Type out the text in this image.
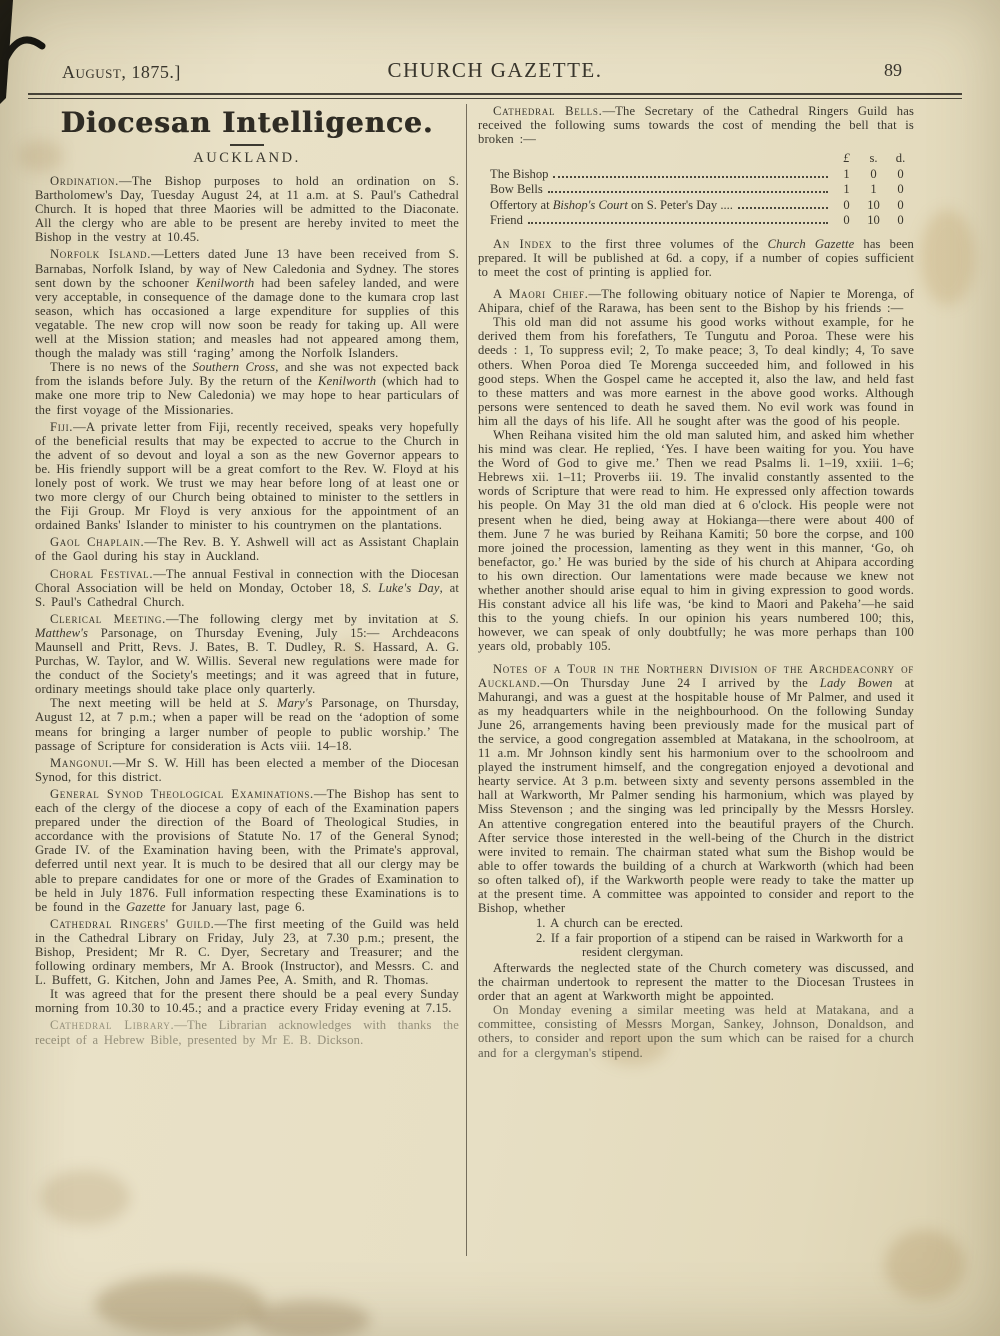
August, 1875.]	CHURCH GAZETTE.	89
Diocesan Intelligence.
AUCKLAND.

Ordination.—The Bishop purposes to hold an ordination on S. Bartholomew's Day, Tuesday August 24, at 11 a.m. at S. Paul's Cathedral Church. It is hoped that three Maories will be admitted to the Diaconate. All the clergy who are able to be present are hereby invited to meet the Bishop in the vestry at 10.45.

Norfolk Island.—Letters dated June 13 have been received from S. Barnabas, Norfolk Island, by way of New Caledonia and Sydney. The stores sent down by the schooner Kenilworth had been safeley landed, and were very acceptable, in consequence of the damage done to the kumara crop last season, which has occasioned a large expenditure for supplies of this vegatable. The new crop will now soon be ready for taking up. All were well at the Mission station; and measles had not appeared among them, though the malady was still ‘raging’ among the Norfolk Islanders.

There is no news of the Southern Cross, and she was not expected back from the islands before July. By the return of the Kenilworth (which had to make one more trip to New Caledonia) we may hope to hear particulars of the first voyage of the Missionaries.

Fiji.—A private letter from Fiji, recently received, speaks very hopefully of the beneficial results that may be expected to accrue to the Church in the advent of so devout and loyal a son as the new Governor appears to be. His friendly support will be a great comfort to the Rev. W. Floyd at his lonely post of work. We trust we may hear before long of at least one or two more clergy of our Church being obtained to minister to the settlers in the Fiji Group. Mr Floyd is very anxious for the appointment of an ordained Banks' Islander to minister to his countrymen on the plantations.

Gaol Chaplain.—The Rev. B. Y. Ashwell will act as Assistant Chaplain of the Gaol during his stay in Auckland.

Choral Festival.—The annual Festival in connection with the Diocesan Choral Association will be held on Monday, October 18, S. Luke's Day, at S. Paul's Cathedral Church.

Clerical Meeting.—The following clergy met by invitation at S. Matthew's Parsonage, on Thursday Evening, July 15:— Archdeacons Maunsell and Pritt, Revs. J. Bates, B. T. Dudley, R. S. Hassard, A. G. Purchas, W. Taylor, and W. Willis. Several new regulations were made for the conduct of the Society's meetings; and it was agreed that in future, ordinary meetings should take place only quarterly.

The next meeting will be held at S. Mary's Parsonage, on Thursday, August 12, at 7 p.m.; when a paper will be read on the ‘adoption of some means for bringing a larger number of people to public worship.’ The passage of Scripture for consideration is Acts viii. 14–18.

Mangonui.—Mr S. W. Hill has been elected a member of the Diocesan Synod, for this district.

General Synod Theological Examinations.—The Bishop has sent to each of the clergy of the diocese a copy of each of the Examination papers prepared under the direction of the Board of Theological Studies, in accordance with the provisions of Statute No. 17 of the General Synod; Grade IV. of the Examination having been, with the Primate's approval, deferred until next year. It is much to be desired that all our clergy may be able to prepare candidates for one or more of the Grades of Examination to be held in July 1876. Full information respecting these Examinations is to be found in the Gazette for January last, page 6.

Cathedral Ringers' Guild.—The first meeting of the Guild was held in the Cathedral Library on Friday, July 23, at 7.30 p.m.; present, the Bishop, President; Mr R. C. Dyer, Secretary and Treasurer; and the following ordinary members, Mr A. Brook (Instructor), and Messrs. C. and L. Buffett, G. Kitchen, John and James Pee, A. Smith, and R. Thomas.

It was agreed that for the present there should be a peal every Sunday morning from 10.30 to 10.45.; and a practice every Friday evening at 7.15.

Cathedral Library.—The Librarian acknowledges with thanks the receipt of a Hebrew Bible, presented by Mr E. B. Dickson.

Cathedral Bells.—The Secretary of the Cathedral Ringers Guild has received the following sums towards the cost of mending the bell that is broken :—

£	s.	d.
The Bishop	1	0	0
Bow Bells	1	1	0
Offertory at Bishop's Court on S. Peter's Day ....	0	10	0
Friend	0	10	0

An Index to the first three volumes of the Church Gazette has been prepared. It will be published at 6d. a copy, if a number of copies sufficient to meet the cost of printing is applied for.

A Maori Chief.—The following obituary notice of Napier te Morenga, of Ahipara, chief of the Rarawa, has been sent to the Bishop by his friends :—

This old man did not assume his good works without example, for he derived them from his forefathers, Te Tungutu and Poroa. These were his deeds : 1, To suppress evil; 2, To make peace; 3, To deal kindly; 4, To save others. When Poroa died Te Morenga succeeded him, and followed in his good steps. When the Gospel came he accepted it, also the law, and held fast to these matters and was more earnest in the above good works. Although persons were sentenced to death he saved them. No evil work was found in him all the days of his life. All he sought after was the good of his people.

When Reihana visited him the old man saluted him, and asked him whether his mind was clear. He replied, ‘Yes. I have been waiting for you. You have the Word of God to give me.’ Then we read Psalms li. 1–19, xxiii. 1–6; Hebrews xii. 1–11; Proverbs iii. 19. The invalid constantly assented to the words of Scripture that were read to him. He expressed only affection towards his people. On May 31 the old man died at 6 o'clock. His people were not present when he died, being away at Hokianga—there were about 400 of them. June 7 he was buried by Reihana Kamiti; 50 bore the corpse, and 100 more joined the procession, lamenting as they went in this manner, ‘Go, oh benefactor, go.’ He was buried by the side of his church at Ahipara according to his own direction. Our lamentations were made because we knew not whether another should arise equal to him in giving expression to good words. His constant advice all his life was, ‘be kind to Maori and Pakeha’—he said this to the young chiefs. In our opinion his years numbered 100; this, however, we can speak of only doubtfully; he was more perhaps than 100 years old, probably 105.

Notes of a Tour in the Northern Division of the Archdeaconry of Auckland.—On Thursday June 24 I arrived by the Lady Bowen at Mahurangi, and was a guest at the hospitable house of Mr Palmer, and used it as my headquarters while in the neighbourhood. On the following Sunday June 26, arrangements having been previously made for the musical part of the service, a good congregation assembled at Matakana, in the schoolroom, at 11 a.m. Mr Johnson kindly sent his harmonium over to the schoolroom and played the instrument himself, and the congregation enjoyed a devotional and hearty service. At 3 p.m. between sixty and seventy persons assembled in the hall at Warkworth, Mr Palmer sending his harmonium, which was played by Miss Stevenson ; and the singing was led principally by the Messrs Horsley. An attentive congregation entered into the beautiful prayers of the Church. After service those interested in the well-being of the Church in the district were invited to remain. The chairman stated what sum the Bishop would be able to offer towards the building of a church at Warkworth (which had been so often talked of), if the Warkworth people were ready to take the matter up at the present time. A committee was appointed to consider and report to the Bishop, whether

1. A church can be erected.

2. If a fair proportion of a stipend can be raised in Warkworth for a resident clergyman.

Afterwards the neglected state of the Church cometery was discussed, and the chairman undertook to represent the matter to the Diocesan Trustees in order that an agent at Warkworth might be appointed.

On Monday evening a similar meeting was held at Matakana, and a committee, consisting of Messrs Morgan, Sankey, Johnson, Donaldson, and others, to consider and report upon the sum which can be raised for a church and for a clergyman's stipend.
